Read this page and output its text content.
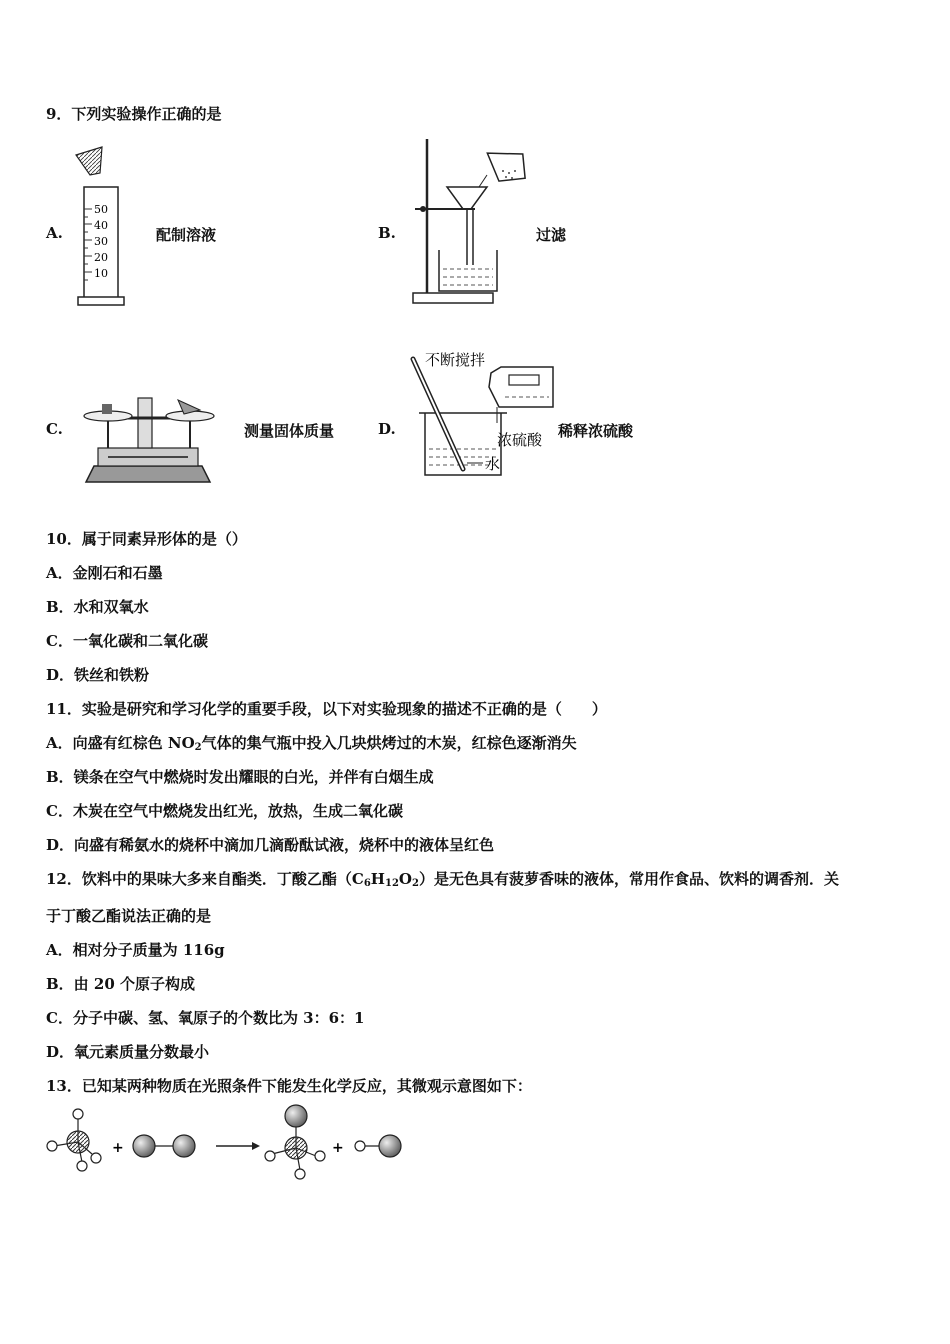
9．下列实验操作正确的是
A.
50
40
30
20
10
配制溶液	B.	过滤
C.	测量固体质量	D.
不断搅拌
浓硫酸
水
稀释浓硫酸
10．属于同素异形体的是（）
A．金刚石和石墨
B．水和双氧水
C．一氧化碳和二氧化碳
D．铁丝和铁粉
11．实验是研究和学习化学的重要手段，以下对实验现象的描述不正确的是（　　）
A．向盛有红棕色 $NO_2$气体的集气瓶中投入几块烘烤过的木炭，红棕色逐渐消失
B．镁条在空气中燃烧时发出耀眼的白光，并伴有白烟生成
C．木炭在空气中燃烧发出红光，放热，生成二氧化碳
D．向盛有稀氨水的烧杯中滴加几滴酚酞试液，烧杯中的液体呈红色
12．饮料中的果味大多来自酯类．丁酸乙酯$(C_6H_{12}O_2)$是无色具有菠萝香味的液体，常用作食品、饮料的调香剂．关
于丁酸乙酯说法正确的是
A．相对分子质量为 116g
B．由 20 个原子构成
C．分子中碳、氢、氧原子的个数比为 3：6：1
D．氧元素质量分数最小
13．已知某两种物质在光照条件下能发生化学反应，其微观示意图如下：
+	+
